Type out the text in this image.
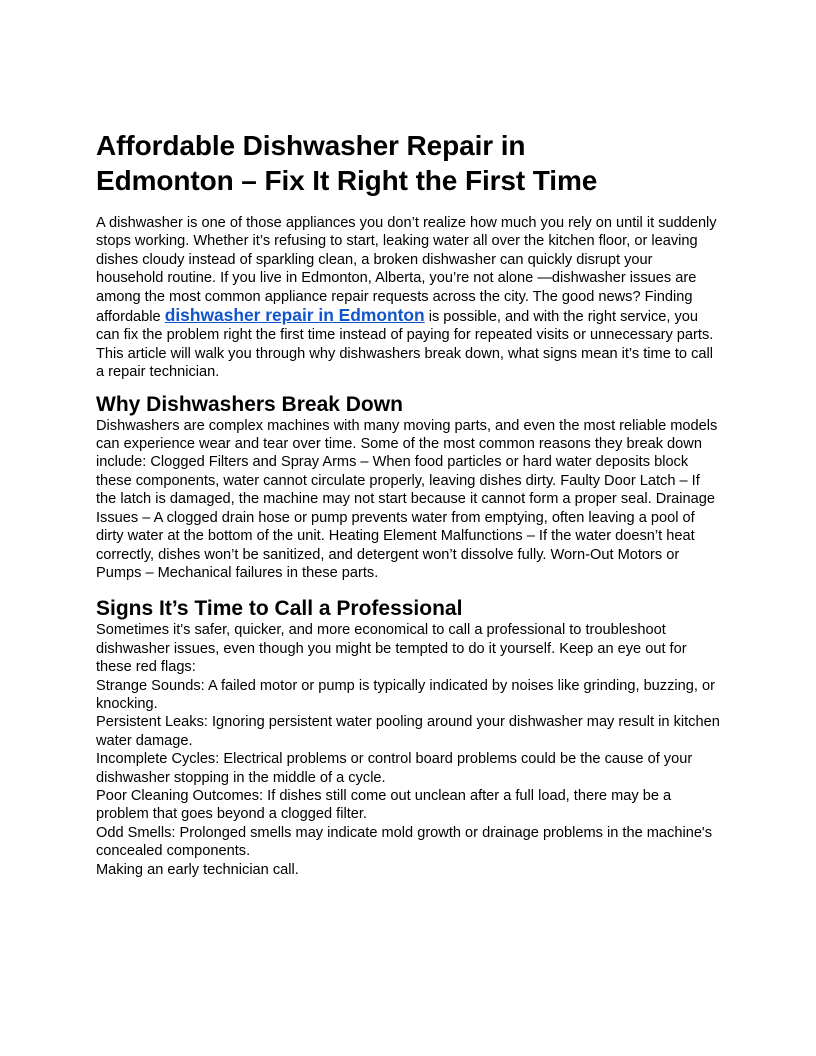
Affordable Dishwasher Repair in
Edmonton – Fix It Right the First Time

A dishwasher is one of those appliances you don’t realize how much you rely on until it suddenly stops working. Whether it’s refusing to start, leaking water all over the kitchen floor, or leaving dishes cloudy instead of sparkling clean, a broken dishwasher can quickly disrupt your household routine. If you live in Edmonton, Alberta, you’re not alone —dishwasher issues are among the most common appliance repair requests across the city. The good news? Finding affordable dishwasher repair in Edmonton is possible, and with the right service, you can fix the problem right the first time instead of paying for repeated visits or unnecessary parts. This article will walk you through why dishwashers break down, what signs mean it’s time to call a repair technician.

Why Dishwashers Break Down

Dishwashers are complex machines with many moving parts, and even the most reliable models can experience wear and tear over time. Some of the most common reasons they break down include: Clogged Filters and Spray Arms – When food particles or hard water deposits block these components, water cannot circulate properly, leaving dishes dirty. Faulty Door Latch – If the latch is damaged, the machine may not start because it cannot form a proper seal. Drainage Issues – A clogged drain hose or pump prevents water from emptying, often leaving a pool of dirty water at the bottom of the unit. Heating Element Malfunctions – If the water doesn’t heat correctly, dishes won’t be sanitized, and detergent won’t dissolve fully. Worn-Out Motors or Pumps – Mechanical failures in these parts.

Signs It’s Time to Call a Professional

Sometimes it's safer, quicker, and more economical to call a professional to troubleshoot dishwasher issues, even though you might be tempted to do it yourself. Keep an eye out for these red flags:

Strange Sounds: A failed motor or pump is typically indicated by noises like grinding, buzzing, or knocking.

Persistent Leaks: Ignoring persistent water pooling around your dishwasher may result in kitchen water damage.

Incomplete Cycles: Electrical problems or control board problems could be the cause of your dishwasher stopping in the middle of a cycle.

Poor Cleaning Outcomes: If dishes still come out unclean after a full load, there may be a problem that goes beyond a clogged filter.

Odd Smells: Prolonged smells may indicate mold growth or drainage problems in the machine's concealed components.

Making an early technician call.
